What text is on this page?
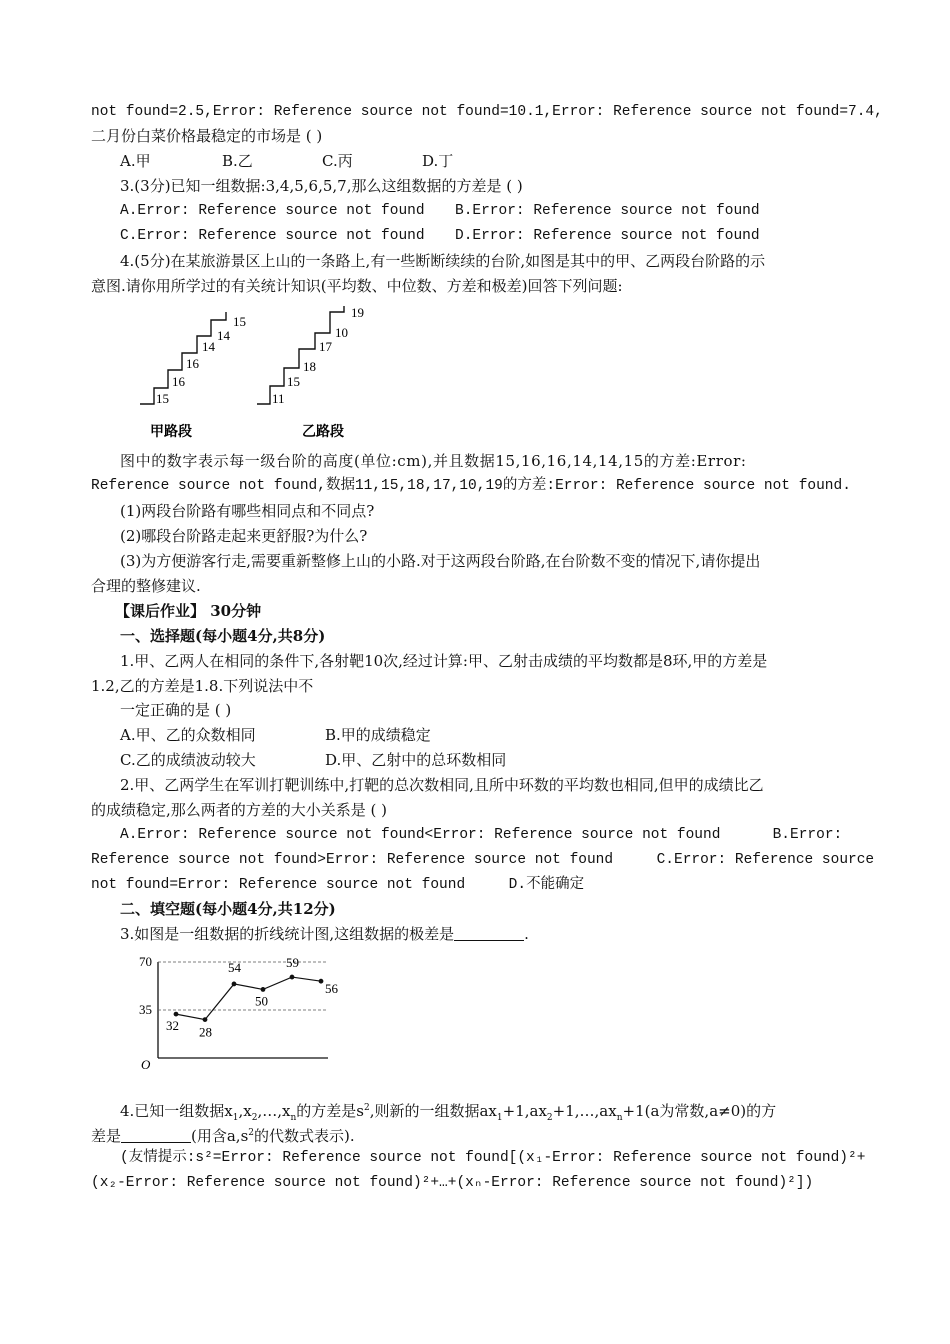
not found=2.5,Error: Reference source not found=10.1,Error: Reference source not found=7.4,
二月份白菜价格最稳定的市场是 ( )
A.甲	B.乙	C.丙	D.丁
3.(3分)已知一组数据:3,4,5,6,5,7,那么这组数据的方差是 ( )
A.Error: Reference source not found B.Error: Reference source not found
C.Error: Reference source not found D.Error: Reference source not found
4.(5分)在某旅游景区上山的一条路上,有一些断断续续的台阶,如图是其中的甲、乙两段台阶路的示
意图.请你用所学过的有关统计知识(平均数、中位数、方差和极差)回答下列问题:
15
16
16
14
14
15
甲路段
11
15
18
17
10
19
乙路段
图中的数字表示每一级台阶的高度(单位:cm),并且数据15,16,16,14,14,15的方差:Error:
Reference source not found,数据11,15,18,17,10,19的方差:Error: Reference source not found.
(1)两段台阶路有哪些相同点和不同点?
(2)哪段台阶路走起来更舒服?为什么?
(3)为方便游客行走,需要重新整修上山的小路.对于这两段台阶路,在台阶数不变的情况下,请你提出
合理的整修建议.
【课后作业】 30分钟
一、选择题(每小题4分,共8分)
1.甲、乙两人在相同的条件下,各射靶10次,经过计算:甲、乙射击成绩的平均数都是8环,甲的方差是
1.2,乙的方差是1.8.下列说法中不
一定正确的是 ( )
A.甲、乙的众数相同	B.甲的成绩稳定
C.乙的成绩波动较大	D.甲、乙射中的总环数相同
2.甲、乙两学生在军训打靶训练中,打靶的总次数相同,且所中环数的平均数也相同,但甲的成绩比乙
的成绩稳定,那么两者的方差的大小关系是 ( )
A.Error: Reference source not found<Error: Reference source not found      B.Error:
Reference source not found>Error: Reference source not found     C.Error: Reference source
not found=Error: Reference source not found     D.不能确定
二、填空题(每小题4分,共12分)
3.如图是一组数据的折线统计图,这组数据的极差是	.
70
35
O
32 28
54
50
59
56
4.已知一组数据$x_1,x_2,\dots,x_n$的方差是$s^2$,则新的一组数据$ax_1+1,ax_2+1,\dots,ax_n+1(a$为常数,a≠0)的方
差是	(用含$a,s^2$的代数式表示).
(友情提示:s²=Error: Reference source not found[(x₁-Error: Reference source not found)²+
(x₂-Error: Reference source not found)²+…+(xₙ-Error: Reference source not found)²])
